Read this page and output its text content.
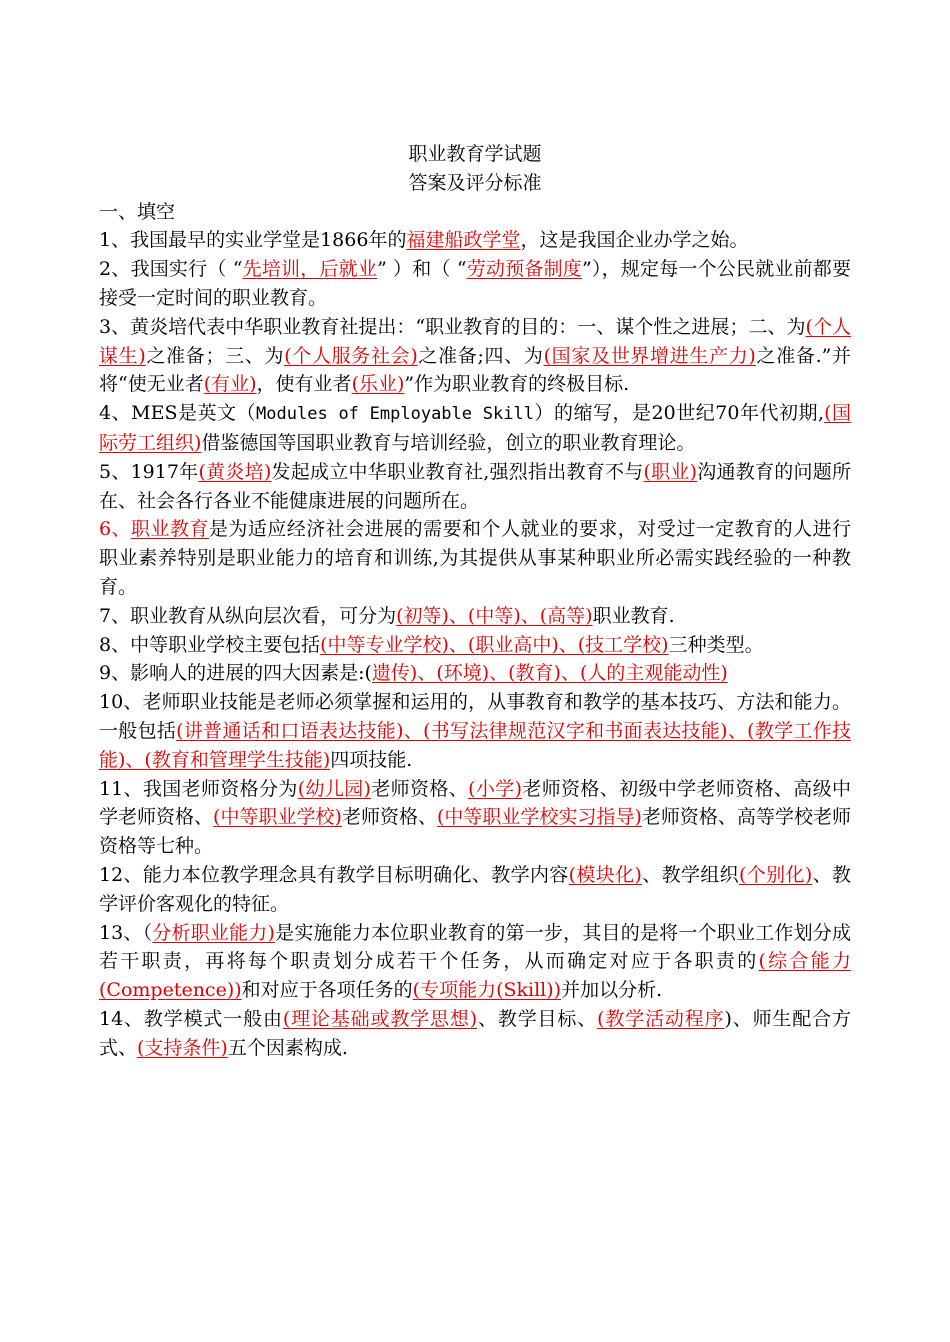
职业教育学试题
答案及评分标准
一、填空

1、我国最早的实业学堂是1866年的福建船政学堂，这是我国企业办学之始。

2、我国实行（ “先培训，后就业” ）和（ “劳动预备制度”），规定每一个公民就业前都要接受一定时间的职业教育。

3、黄炎培代表中华职业教育社提出：“职业教育的目的：一、谋个性之进展；二、为(个人谋生)之准备；三、为(个人服务社会)之准备;四、为(国家及世界增进生产力)之准备.”并将“使无业者(有业)，使有业者(乐业)”作为职业教育的终极目标.

4、MES是英文（Modules of Employable Skill）的缩写，是20世纪70年代初期,(国际劳工组织)借鉴德国等国职业教育与培训经验，创立的职业教育理论。

5、1917年(黄炎培)发起成立中华职业教育社,强烈指出教育不与(职业)沟通教育的问题所在、社会各行各业不能健康进展的问题所在。

6、职业教育是为适应经济社会进展的需要和个人就业的要求，对受过一定教育的人进行职业素养特别是职业能力的培育和训练,为其提供从事某种职业所必需实践经验的一种教育。

7、职业教育从纵向层次看，可分为(初等)、(中等)、(高等)职业教育.

8、中等职业学校主要包括(中等专业学校)、(职业高中)、(技工学校)三种类型。

9、影响人的进展的四大因素是:(遗传)、(环境)、(教育)、(人的主观能动性)

10、老师职业技能是老师必须掌握和运用的，从事教育和教学的基本技巧、方法和能力。一般包括(讲普通话和口语表达技能)、(书写法律规范汉字和书面表达技能)、(教学工作技能)、(教育和管理学生技能)四项技能.

11、我国老师资格分为(幼儿园)老师资格、(小学)老师资格、初级中学老师资格、高级中学老师资格、(中等职业学校)老师资格、(中等职业学校实习指导)老师资格、高等学校老师资格等七种。

12、能力本位教学理念具有教学目标明确化、教学内容(模块化)、教学组织(个别化)、教学评价客观化的特征。

13、（分析职业能力)是实施能力本位职业教育的第一步，其目的是将一个职业工作划分成若干职责，再将每个职责划分成若干个任务，从而确定对应于各职责的(综合能力(Competence))和对应于各项任务的(专项能力(Skill))并加以分析.

14、教学模式一般由(理论基础或教学思想)、教学目标、(教学活动程序)、师生配合方式、(支持条件)五个因素构成.
